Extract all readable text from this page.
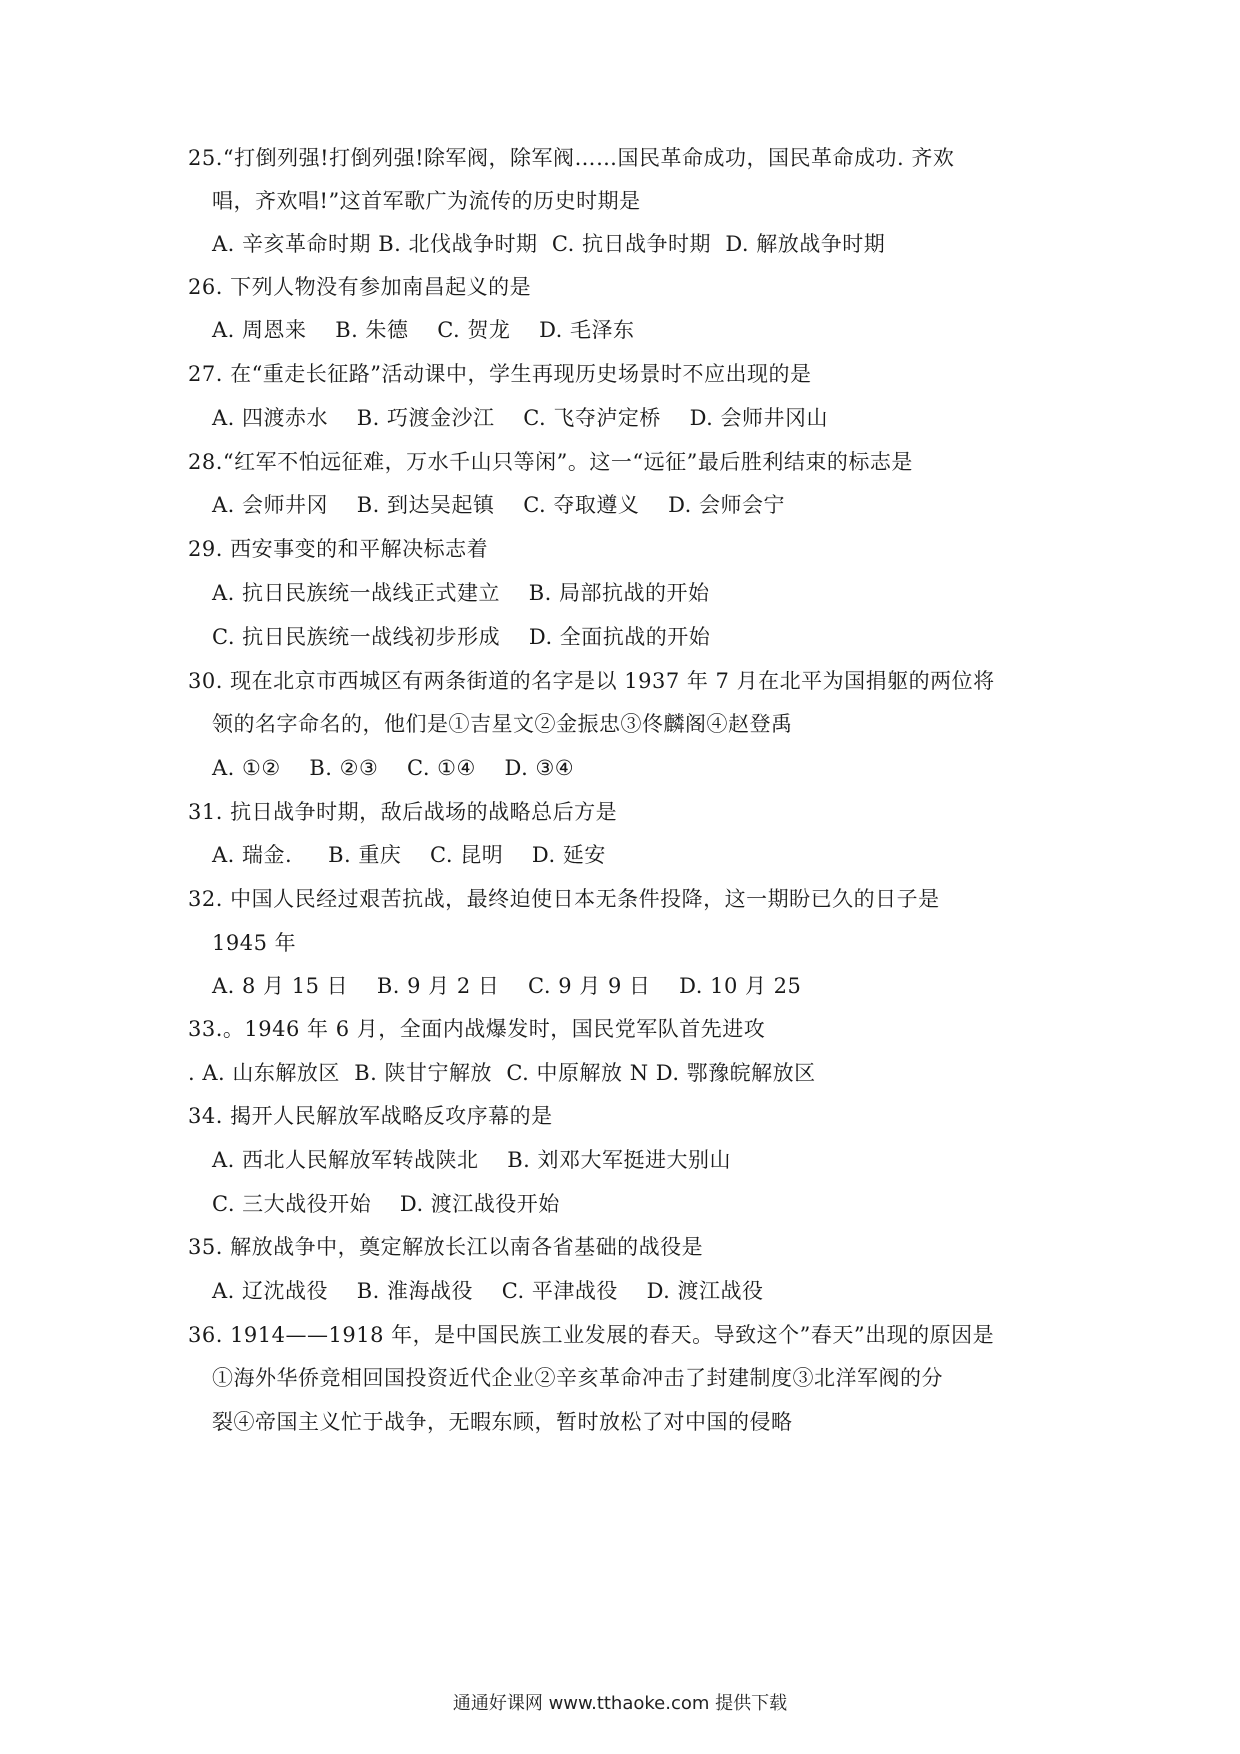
25.“打倒列强!打倒列强!除军阀，除军阀……国民革命成功，国民革命成功. 齐欢
唱，齐欢唱!”这首军歌广为流传的历史时期是
A. 辛亥革命时期 B. 北伐战争时期  C. 抗日战争时期  D. 解放战争时期
26. 下列人物没有参加南昌起义的是
A. 周恩来    B. 朱德    C. 贺龙    D. 毛泽东
27. 在“重走长征路”活动课中，学生再现历史场景时不应出现的是
A. 四渡赤水    B. 巧渡金沙江    C. 飞夺泸定桥    D. 会师井冈山
28.“红军不怕远征难，万水千山只等闲”。这一“远征”最后胜利结束的标志是
A. 会师井冈    B. 到达吴起镇    C. 夺取遵义    D. 会师会宁
29. 西安事变的和平解决标志着
A. 抗日民族统一战线正式建立    B. 局部抗战的开始
C. 抗日民族统一战线初步形成    D. 全面抗战的开始
30. 现在北京市西城区有两条街道的名字是以 1937 年 7 月在北平为国捐躯的两位将
领的名字命名的，他们是①吉星文②金振忠③佟麟阁④赵登禹
A. ①②    B. ②③    C. ①④    D. ③④
31. 抗日战争时期，敌后战场的战略总后方是
A. 瑞金.     B. 重庆    C. 昆明    D. 延安
32. 中国人民经过艰苦抗战，最终迫使日本无条件投降，这一期盼已久的日子是
1945 年
A. 8 月 15 日    B. 9 月 2 日    C. 9 月 9 日    D. 10 月 25
33.。1946 年 6 月，全面内战爆发时，国民党军队首先进攻
. A. 山东解放区  B. 陕甘宁解放  C. 中原解放 N D. 鄂豫皖解放区
34. 揭开人民解放军战略反攻序幕的是
A. 西北人民解放军转战陕北    B. 刘邓大军挺进大别山
C. 三大战役开始    D. 渡江战役开始
35. 解放战争中，奠定解放长江以南各省基础的战役是
A. 辽沈战役    B. 淮海战役    C. 平津战役    D. 渡江战役
36. 1914——1918 年，是中国民族工业发展的春天。导致这个”春天”出现的原因是
①海外华侨竞相回国投资近代企业②辛亥革命冲击了封建制度③北洋军阀的分
裂④帝国主义忙于战争，无暇东顾，暂时放松了对中国的侵略
通通好课网 www.tthaoke.com 提供下载
